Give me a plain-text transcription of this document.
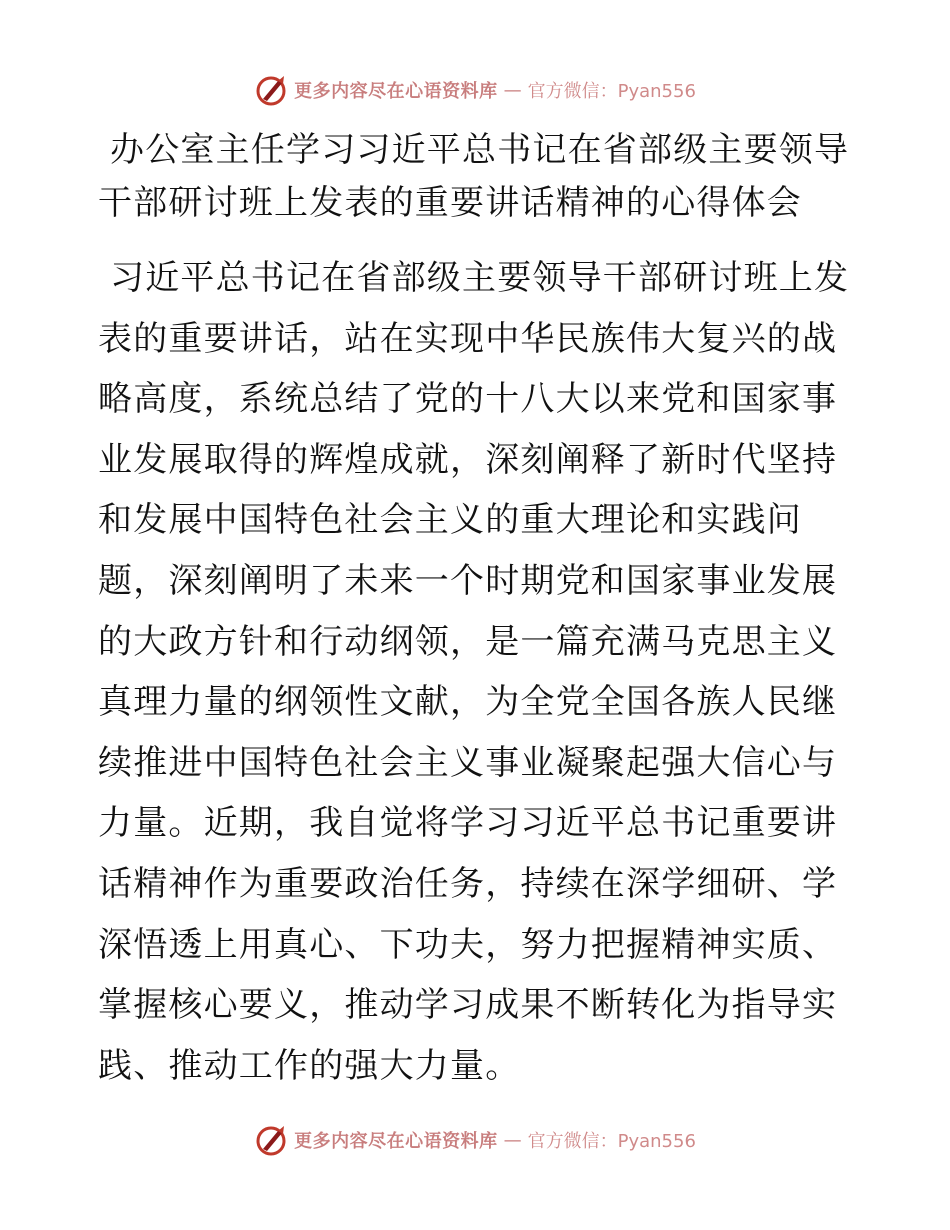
更多内容尽在心语资料库 — 官方微信：Pyan556
办公室主任学习习近平总书记在省部级主要领导干部研讨班上发表的重要讲话精神的心得体会

习近平总书记在省部级主要领导干部研讨班上发表的重要讲话，站在实现中华民族伟大复兴的战略高度，系统总结了党的十八大以来党和国家事业发展取得的辉煌成就，深刻阐释了新时代坚持和发展中国特色社会主义的重大理论和实践问题，深刻阐明了未来一个时期党和国家事业发展的大政方针和行动纲领，是一篇充满马克思主义真理力量的纲领性文献，为全党全国各族人民继续推进中国特色社会主义事业凝聚起强大信心与力量。近期，我自觉将学习习近平总书记重要讲话精神作为重要政治任务，持续在深学细研、学深悟透上用真心、下功夫，努力把握精神实质、掌握核心要义，推动学习成果不断转化为指导实践、推动工作的强大力量。

更多内容尽在心语资料库 — 官方微信：Pyan556
